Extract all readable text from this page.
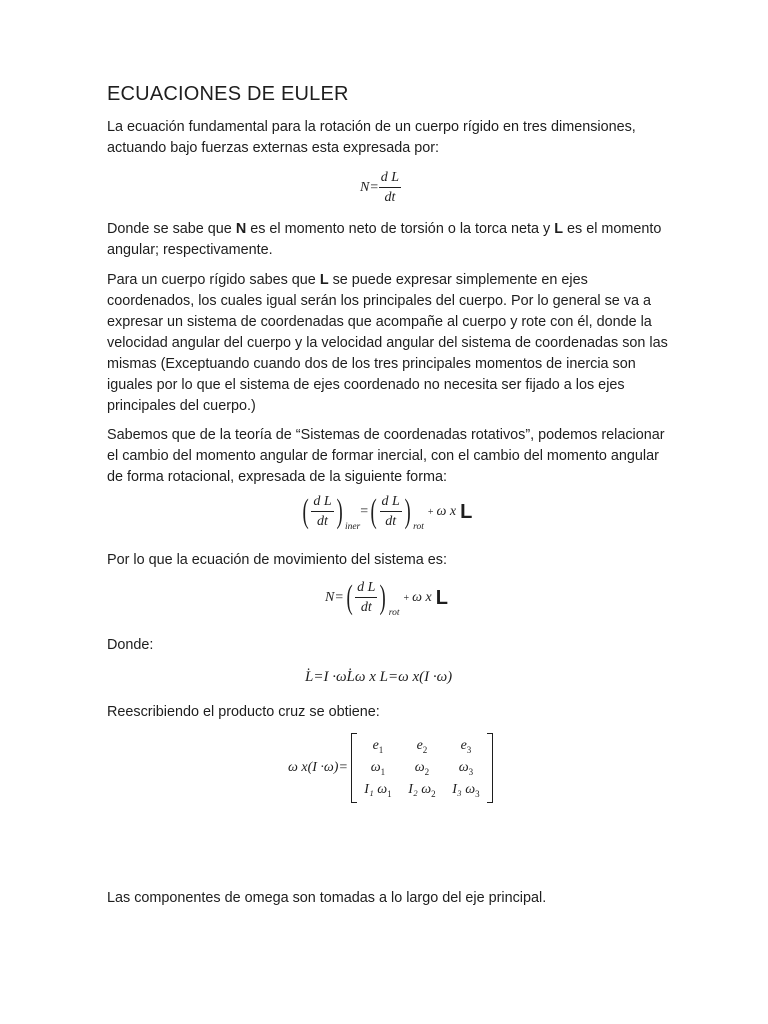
ECUACIONES DE EULER

La ecuación fundamental para la rotación de un cuerpo rígido en tres dimensiones, actuando bajo fuerzas externas esta expresada por:

$N= \frac{\text{d L}}{dt}$

Donde se sabe que N es el momento neto de torsión o la torca neta y L es el momento angular; respectivamente.

Para un cuerpo rígido sabes que L se puede expresar simplemente en ejes coordenados, los cuales igual serán los principales del cuerpo. Por lo general se va a expresar un sistema de coordenadas que acompañe al cuerpo y rote con él, donde la velocidad angular del cuerpo y la velocidad angular del sistema de coordenadas son las mismas (Exceptuando cuando dos de los tres principales momentos de inercia son iguales por lo que el sistema de ejes coordenado no necesita ser fijado a los ejes principales del cuerpo.)

Sabemos que de la teoría de “Sistemas de coordenadas rotativos”, podemos relacionar el cambio del momento angular de formar inercial, con el cambio del momento angular de forma rotacional, expresada de la siguiente forma:

( $\frac{\text{d L}}{dt}$ ) $_{iner}=( \frac{\text{d L}}{dt}$ ) $_{rot}$+ ω x L

Por lo que la ecuación de movimiento del sistema es:

$N=( \frac{\text{d L}}{dt}$ ) $_{rot}$+ ω x L

Donde:

L̇=I ·ω̇L̇ω x L=ω x(I ·ω)

Reescribiendo el producto cruz se obtiene:

ω x(I ·ω)=
$e_1$ $e_2$ $e_3$
$\omega_1$ $\omega_2$ $\omega_3$
I₁ $\omega_1$ I₂ $\omega_2$ I₃ $\omega_3$

Las componentes de omega son tomadas a lo largo del eje principal.
